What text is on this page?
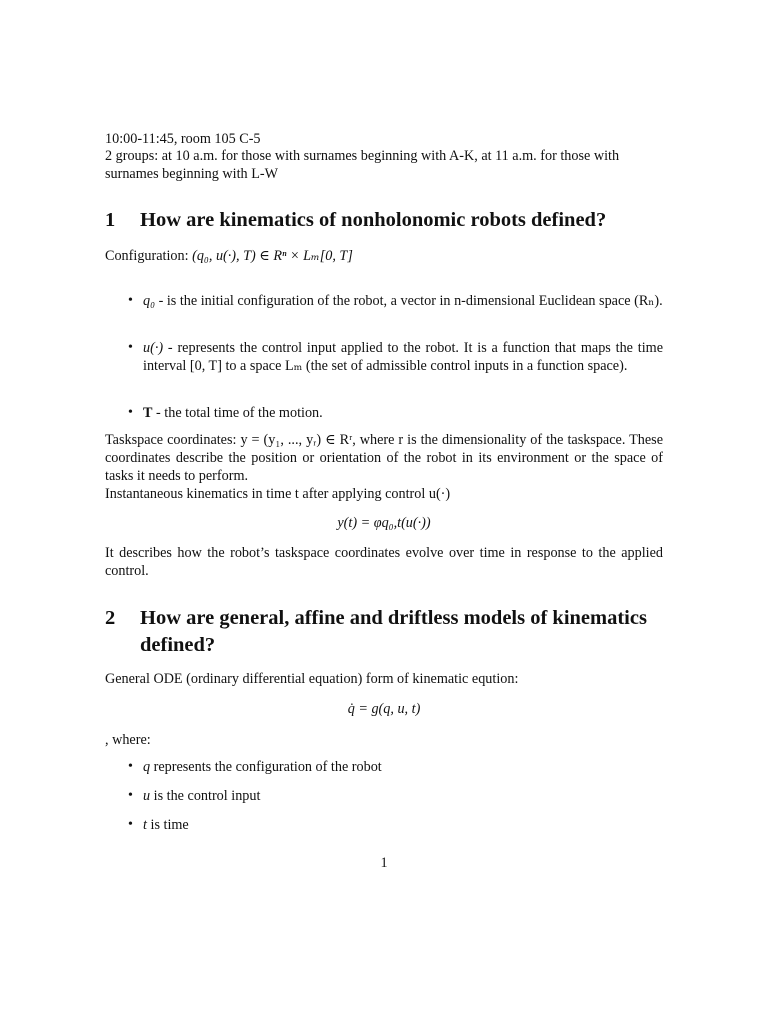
10:00-11:45, room 105 C-5
2 groups: at 10 a.m. for those with surnames beginning with A-K, at 11 a.m. for those with surnames beginning with L-W
1 How are kinematics of nonholonomic robots defined?
Configuration: (q₀, u(·), T) ∈ Rⁿ × Lₘ[0, T]
• q₀ - is the initial configuration of the robot, a vector in n-dimensional Euclidean space (Rₙ).
• u(·) - represents the control input applied to the robot. It is a function that maps the time interval [0, T] to a space Lₘ (the set of admissible control inputs in a function space).
• T - the total time of the motion.
Taskspace coordinates: y = (y₁, ..., yᵣ) ∈ Rʳ, where r is the dimensionality of the taskspace. These coordinates describe the position or orientation of the robot in its environment or the space of tasks it needs to perform.
Instantaneous kinematics in time t after applying control u(·)
y(t) = φq₀,t(u(·))
It describes how the robot’s taskspace coordinates evolve over time in response to the applied control.
2 How are general, affine and driftless models of kinematics defined?
General ODE (ordinary differential equation) form of kinematic eqution:
q̇ = g(q, u, t)
, where:
• q represents the configuration of the robot
• u is the control input
• t is time
1
